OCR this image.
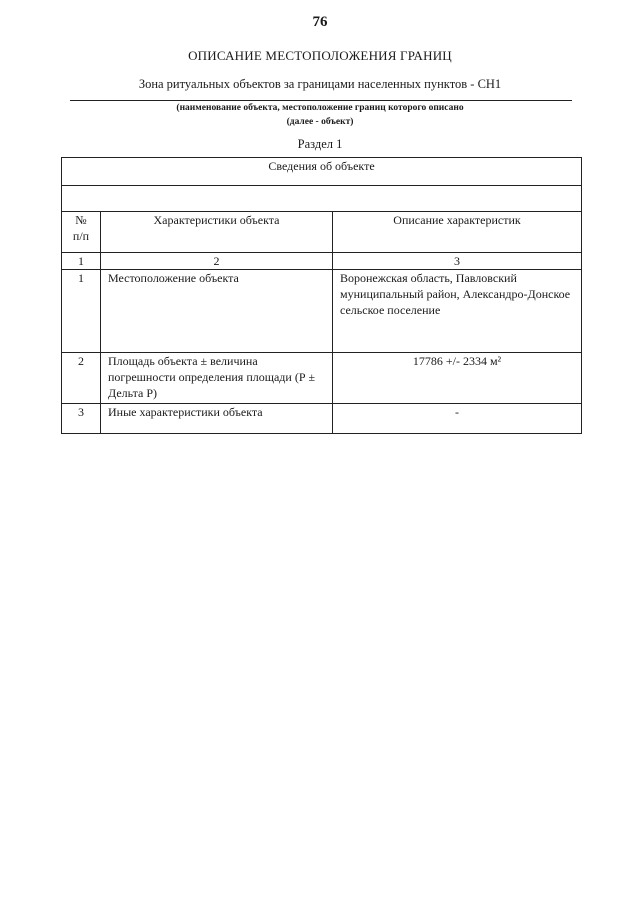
76
ОПИСАНИЕ МЕСТОПОЛОЖЕНИЯ ГРАНИЦ
Зона ритуальных объектов за границами населенных пунктов - СН1
(наименование объекта, местоположение границ которого описано
(далее - объект)
Раздел 1
Сведения об объекте		

№ п/п	Характеристики объекта	Описание характеристик
1	2	3
1	Местоположение объекта	Воронежская область, Павловский муниципальный район, Александро-Донское сельское поселение
2	Площадь объекта ± величина погрешности определения площади (Р ± Дельта Р)	17786 +/- 2334 м²
3	Иные характеристики объекта	-
